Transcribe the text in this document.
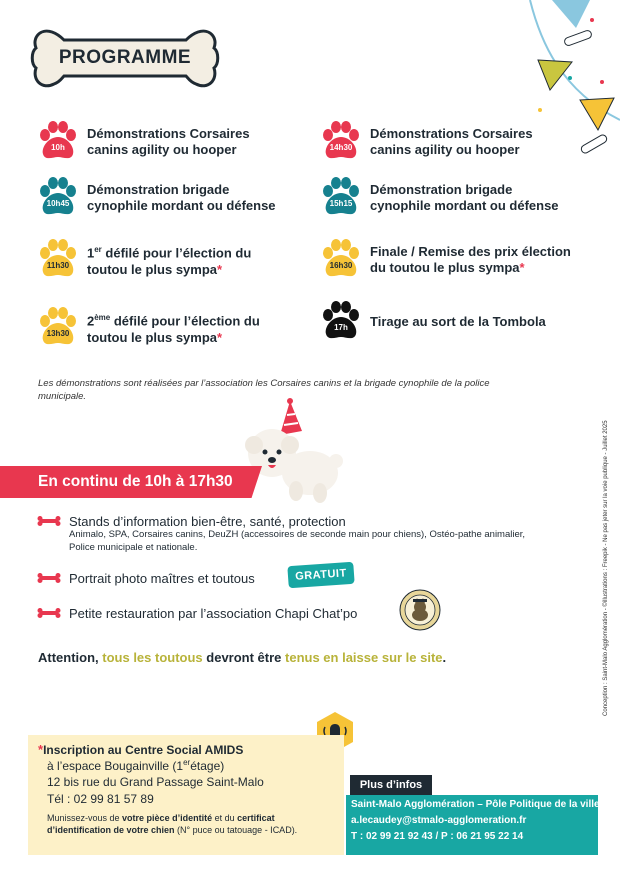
PROGRAMME
10h
Démonstrations Corsaires
canins agility ou hooper
10h45
Démonstration brigade
cynophile mordant ou défense
11h30
1er défilé pour l’élection du
toutou le plus sympa*
13h30
2ème défilé pour l’élection du
toutou le plus sympa*
14h30
Démonstrations Corsaires
canins agility ou hooper
15h15
Démonstration brigade
cynophile mordant ou défense
16h30
Finale / Remise des prix élection
du toutou le plus sympa*
17h	Tirage au sort de la Tombola
Les démonstrations sont réalisées par l’association les Corsaires canins et la brigade cynophile de la police municipale.
En continu de 10h à 17h30
Stands d’information bien-être, santé, protection
Animalo, SPA, Corsaires canins, DeuZH (accessoires de seconde main pour chiens), Ostéo-pathe animalier, Police municipale et nationale.
Portrait photo maîtres et toutous	GRATUIT
Petite restauration par l’association Chapi Chat’po
Attention, tous les toutous devront être tenus en laisse sur le site.
*Inscription au Centre Social AMIDS
à l’espace Bougainville (1erétage)
12 bis rue du Grand Passage Saint-Malo
Tél : 02 99 81 57 89
Munissez-vous de votre pièce d’identité et du certificat d’identification de votre chien (N° puce ou tatouage - ICAD).
Plus d’infos
Saint-Malo Agglomération – Pôle Politique de la ville
a.lecaudey@stmalo-agglomeration.fr
T : 02 99 21 92 43 / P : 06 21 95 22 14
Conception : Saint-Malo Agglomération - ©illustrations : Freepik - Ne pas jeter sur la voie publique - Juillet 2025
